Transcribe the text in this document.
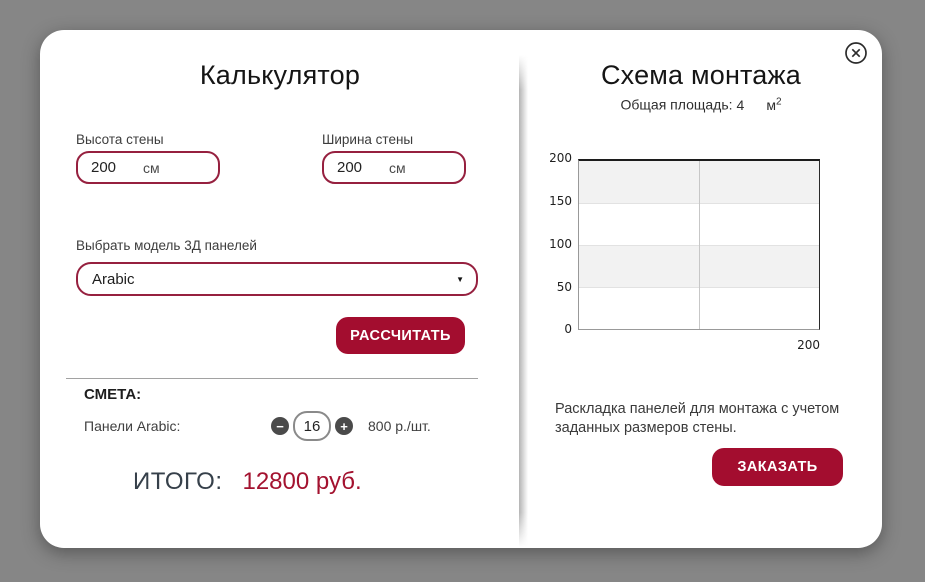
Калькулятор
Высота стены
200
см
Ширина стены
200
см
Выбрать модель 3Д панелей
Arabic	▼
РАССЧИТАТЬ
СМЕТА:
Панели Arabic:	−
16	+ 800 р./шт.
ИТОГО: 12800 руб.
Схема монтажа
Общая площадь: 4 $м^2$
200
150
100
50
0
200
Раскладка панелей для монтажа с учетом
заданных размеров стены.
ЗАКАЗАТЬ
